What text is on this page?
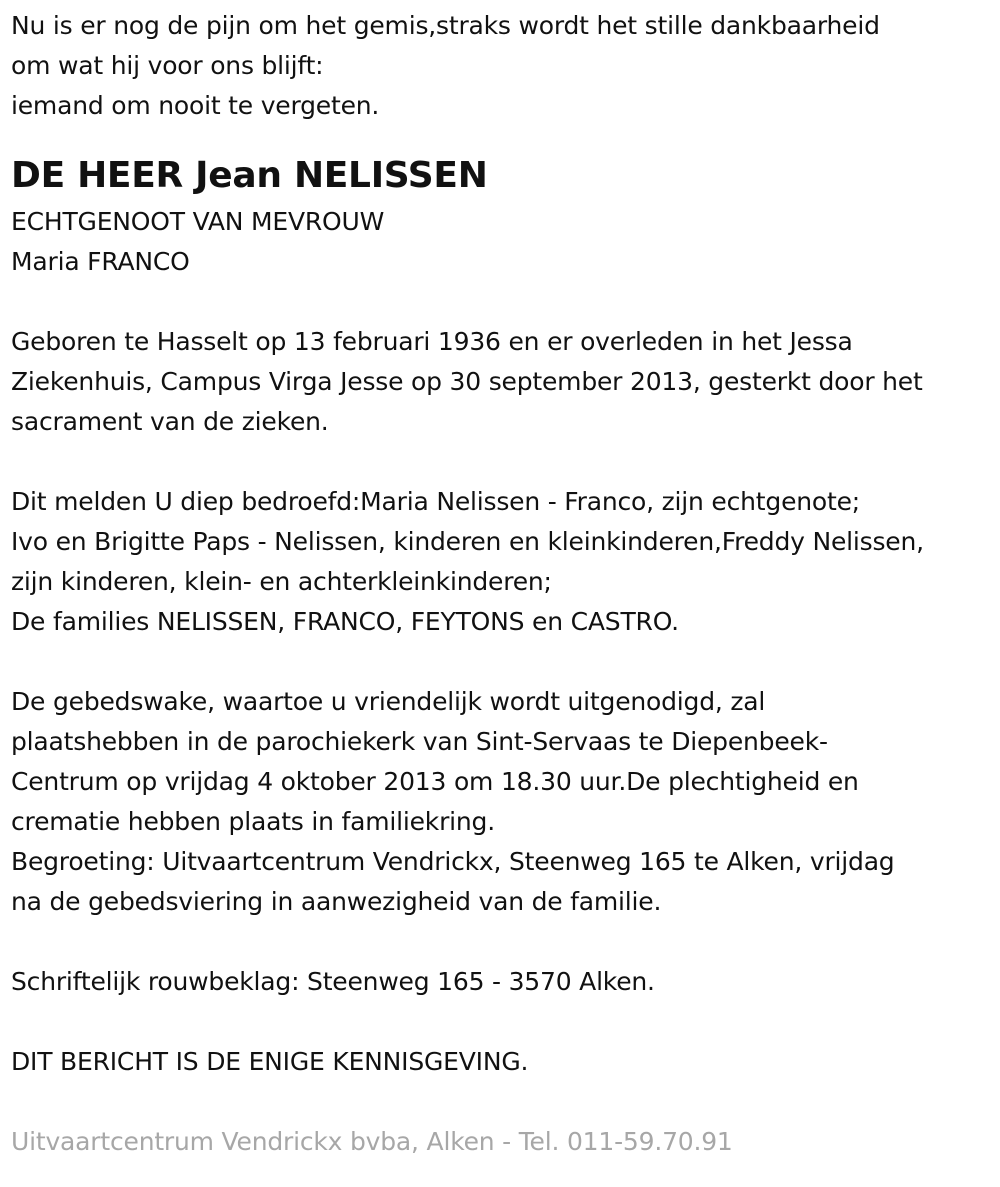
Nu is er nog de pijn om het gemis,straks wordt het stille dankbaarheid
om wat hij voor ons blijft:
iemand om nooit te vergeten.
DE HEER Jean NELISSEN
ECHTGENOOT VAN MEVROUW
Maria FRANCO
Geboren te Hasselt op 13 februari 1936 en er overleden in het Jessa
Ziekenhuis, Campus Virga Jesse op 30 september 2013, gesterkt door het
sacrament van de zieken.
Dit melden U diep bedroefd:Maria Nelissen - Franco, zijn echtgenote;
Ivo en Brigitte Paps - Nelissen, kinderen en kleinkinderen,Freddy Nelissen,
zijn kinderen, klein- en achterkleinkinderen;
De families NELISSEN, FRANCO, FEYTONS en CASTRO.
De gebedswake, waartoe u vriendelijk wordt uitgenodigd, zal
plaatshebben in de parochiekerk van Sint-Servaas te Diepenbeek-
Centrum op vrijdag 4 oktober 2013 om 18.30 uur.De plechtigheid en
crematie hebben plaats in familiekring.
Begroeting: Uitvaartcentrum Vendrickx, Steenweg 165 te Alken, vrijdag
na de gebedsviering in aanwezigheid van de familie.
Schriftelijk rouwbeklag: Steenweg 165 - 3570 Alken.
DIT BERICHT IS DE ENIGE KENNISGEVING.
Uitvaartcentrum Vendrickx bvba, Alken - Tel. 011-59.70.91
